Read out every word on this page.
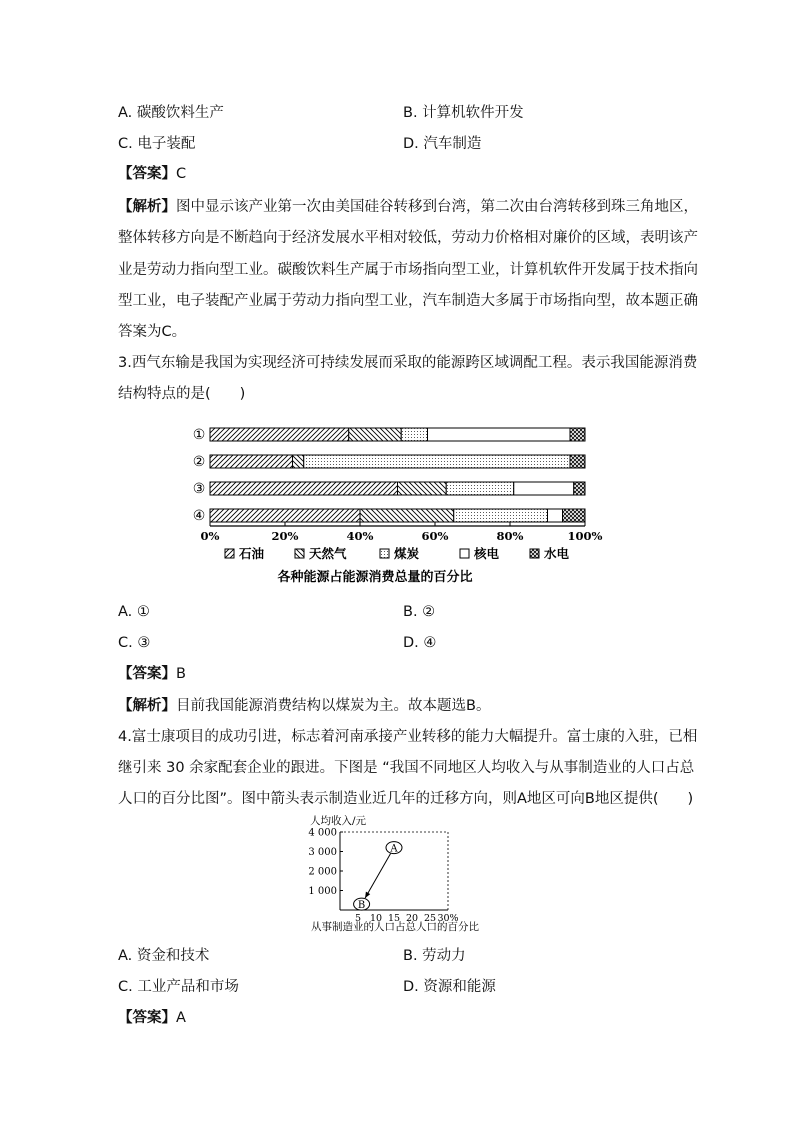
A. 碳酸饮料生产	B. 计算机软件开发
C. 电子装配	D. 汽车制造
【答案】C
【解析】图中显示该产业第一次由美国硅谷转移到台湾，第二次由台湾转移到珠三角地区，
整体转移方向是不断趋向于经济发展水平相对较低，劳动力价格相对廉价的区域，表明该产
业是劳动力指向型工业。碳酸饮料生产属于市场指向型工业，计算机软件开发属于技术指向
型工业，电子装配产业属于劳动力指向型工业，汽车制造大多属于市场指向型，故本题正确
答案为C。
3.西气东输是我国为实现经济可持续发展而采取的能源跨区域调配工程。表示我国能源消费
结构特点的是(　　)
①
②
③
④
0%	20%	40%	60%	80%	100%
石油	天然气	煤炭	核电	水电
各种能源占能源消费总量的百分比
A. ①	B. ②
C. ③	D. ④
【答案】B
【解析】目前我国能源消费结构以煤炭为主。故本题选B。
4.富士康项目的成功引进，标志着河南承接产业转移的能力大幅提升。富士康的入驻，已相
继引来 30 余家配套企业的跟进。下图是 “我国不同地区人均收入与从事制造业的人口占总
人口的百分比图”。图中箭头表示制造业近几年的迁移方向，则A地区可向B地区提供(　　)
人均收入/元
1 000
2 000
3 000
4 000
5 10 15 20 25 30%
A
B
从事制造业的人口占总人口的百分比
A. 资金和技术	B. 劳动力
C. 工业产品和市场	D. 资源和能源
【答案】A
